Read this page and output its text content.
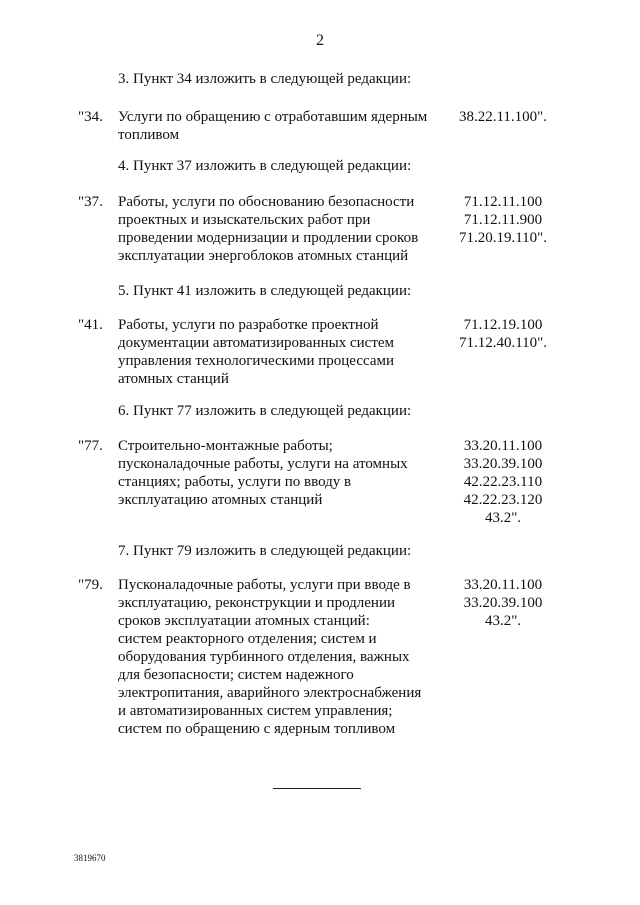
2
3. Пункт 34 изложить в следующей редакции:
"34. Услуги по обращению с отработавшим ядерным
топливом
38.22.11.100".
4. Пункт 37 изложить в следующей редакции:
"37. Работы, услуги по обоснованию безопасности
проектных и изыскательских работ при
проведении модернизации и продлении сроков
эксплуатации энергоблоков атомных станций
71.12.11.100
71.12.11.900
71.20.19.110".
5. Пункт 41 изложить в следующей редакции:
"41. Работы, услуги по разработке проектной
документации автоматизированных систем
управления технологическими процессами
атомных станций
71.12.19.100
71.12.40.110".
6. Пункт 77 изложить в следующей редакции:
"77. Строительно-монтажные работы;
пусконаладочные работы, услуги на атомных
станциях; работы, услуги по вводу в
эксплуатацию атомных станций
33.20.11.100
33.20.39.100
42.22.23.110
42.22.23.120
43.2".
7. Пункт 79 изложить в следующей редакции:
"79. Пусконаладочные работы, услуги при вводе в
эксплуатацию, реконструкции и продлении
сроков эксплуатации атомных станций:
систем реакторного отделения; систем и
оборудования турбинного отделения, важных
для безопасности; систем надежного
электропитания, аварийного электроснабжения
и автоматизированных систем управления;
систем по обращению с ядерным топливом
33.20.11.100
33.20.39.100
43.2".
3819670
